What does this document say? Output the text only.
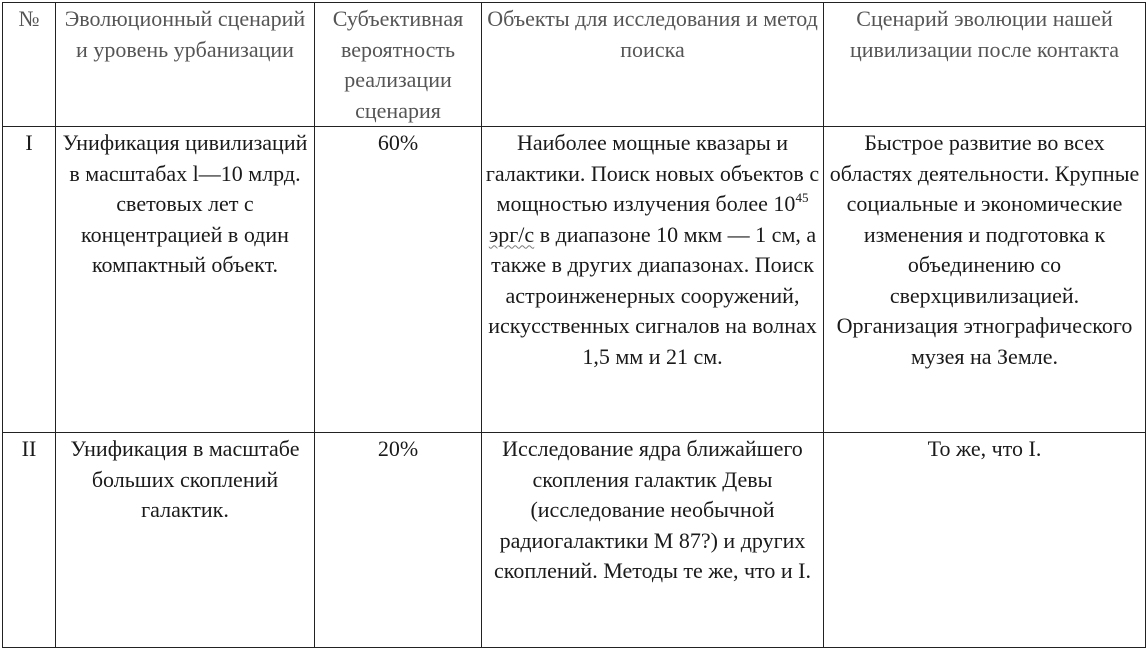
№	Эволюционный сценарий и уровень урбанизации	Субъективная вероятность реализации сценария	Объекты для исследования и метод поиска	Сценарий эволюции нашей цивилизации после контакта
I	Унификация цивилизаций в масштабах l—10 млрд. световых лет с концентрацией в один компактный объект.	60%	Наиболее мощные квазары и галактики. Поиск новых объектов с мощностью излучения более $10^{45}$ эрг/с в диапазоне 10 мкм — 1 см, а также в других диапазонах. Поиск астроинженерных сооружений, искусственных сигналов на волнах 1,5 мм и 21 см.	Быстрое развитие во всех областях деятельности. Крупные социальные и экономические изменения и подготовка к объединению со сверхцивилизацией. Организация этнографического музея на Земле.
II	Унификация в масштабе больших скоплений галактик.	20%	Исследование ядра ближайшего скопления галактик Девы (исследование необычной радиогалактики М 87?) и других скоплений. Методы те же, что и I.	То же, что I.
